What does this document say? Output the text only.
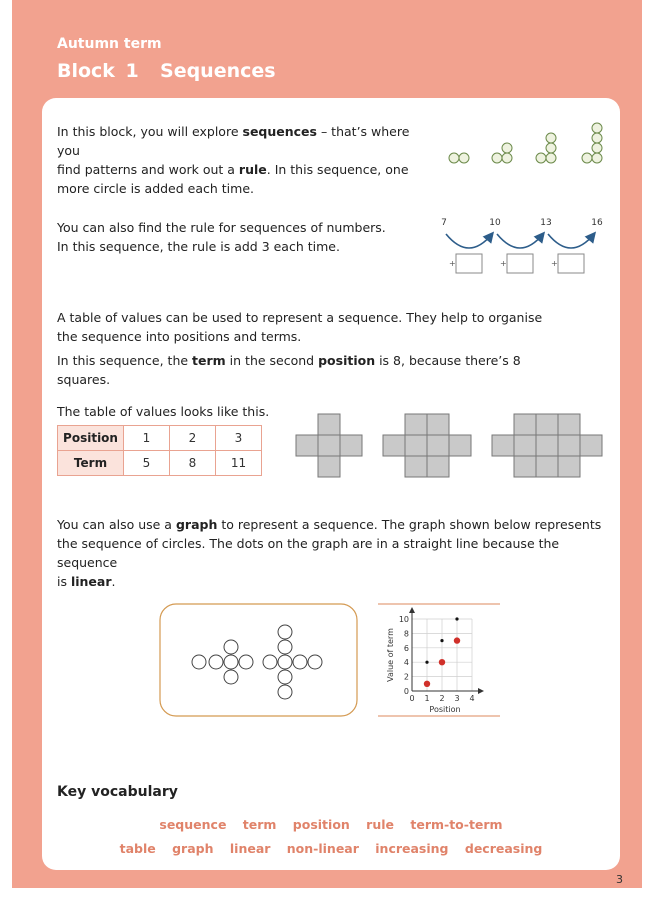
Autumn term
Block 1 Sequences
In this block, you will explore sequences – that’s where you
find patterns and work out a rule. In this sequence, one
more circle is added each time.
You can also find the rule for sequences of numbers.
In this sequence, the rule is add 3 each time.
7	10	13	16
+	+	+
A table of values can be used to represent a sequence. They help to organise
the sequence into positions and terms.
In this sequence, the term in the second position is 8, because there’s 8 squares.
The table of values looks like this.
Position	1	2	3
Term	5	8	11
You can also use a graph to represent a sequence. The graph shown below represents
the sequence of circles. The dots on the graph are in a straight line because the sequence
is linear.
0
2
4
6
8
10
0 1 2 3 4
Value of term
Position
Key vocabulary
sequence term position rule term-to-term
table graph linear non-linear increasing decreasing
3
